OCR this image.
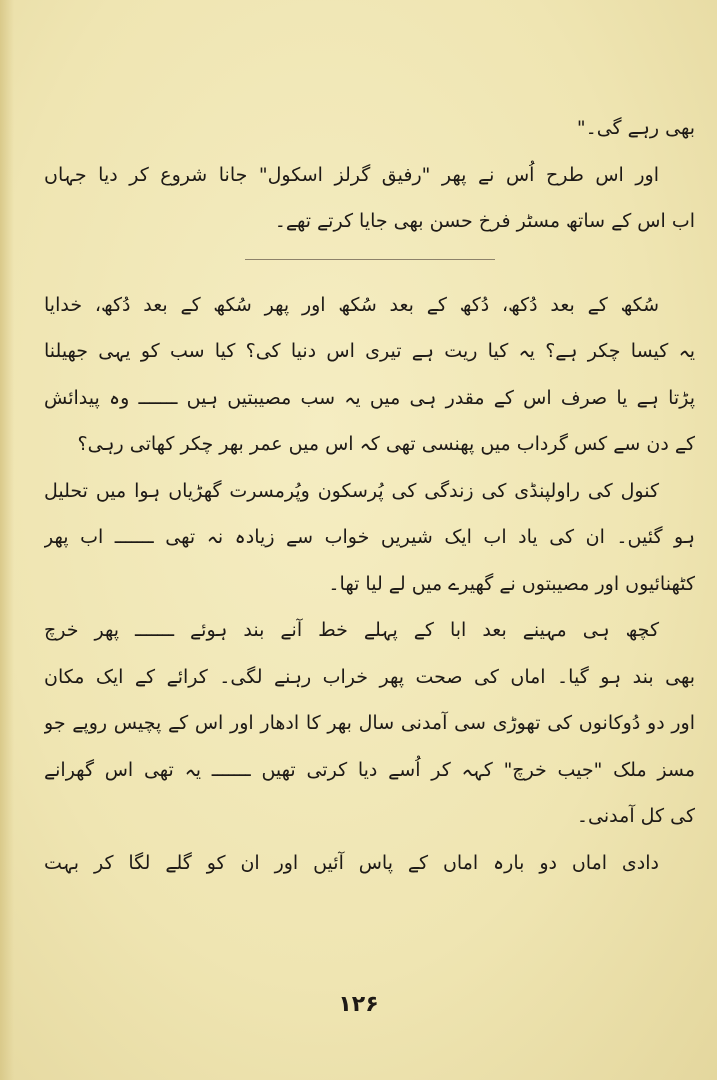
بھی رہے گی۔"
اور اس طرح اُس نے پھر "رفیق گرلز اسکول" جانا شروع کر دیا جہاں
اب اس کے ساتھ مسٹر فرخ حسن بھی جایا کرتے تھے۔
سُکھ کے بعد دُکھ، دُکھ کے بعد سُکھ اور پھر سُکھ کے بعد دُکھ، خدایا
یہ کیسا چکر ہے؟ یہ کیا ریت ہے تیری اس دنیا کی؟ کیا سب کو یہی جھیلنا
پڑتا ہے یا صرف اس کے مقدر ہی میں یہ سب مصیبتیں ہیں ـــــــ وہ پیدائش
کے دن سے کس گرداب میں پھنسی تھی کہ اس میں عمر بھر چکر کھاتی رہی؟
کنول کی راولپنڈی کی زندگی کی پُرسکون وپُرمسرت گھڑیاں ہوا میں تحلیل
ہو گئیں۔ ان کی یاد اب ایک شیریں خواب سے زیادہ نہ تھی ـــــــ اب پھر
کٹھنائیوں اور مصیبتوں نے گھیرے میں لے لیا تھا۔
کچھ ہی مہینے بعد ابا کے پہلے خط آنے بند ہوئے ـــــــ پھر خرچ
بھی بند ہو گیا۔ اماں کی صحت پھر خراب رہنے لگی۔ کرائے کے ایک مکان
اور دو دُوکانوں کی تھوڑی سی آمدنی سال بھر کا ادھار اور اس کے پچیس روپے جو
مسز ملک "جیب خرچ" کہہ کر اُسے دیا کرتی تھیں ـــــــ یہ تھی اس گھرانے
کی کل آمدنی۔
دادی اماں دو بارہ اماں کے پاس آئیں اور ان کو گلے لگا کر بہت
۱۲۶
